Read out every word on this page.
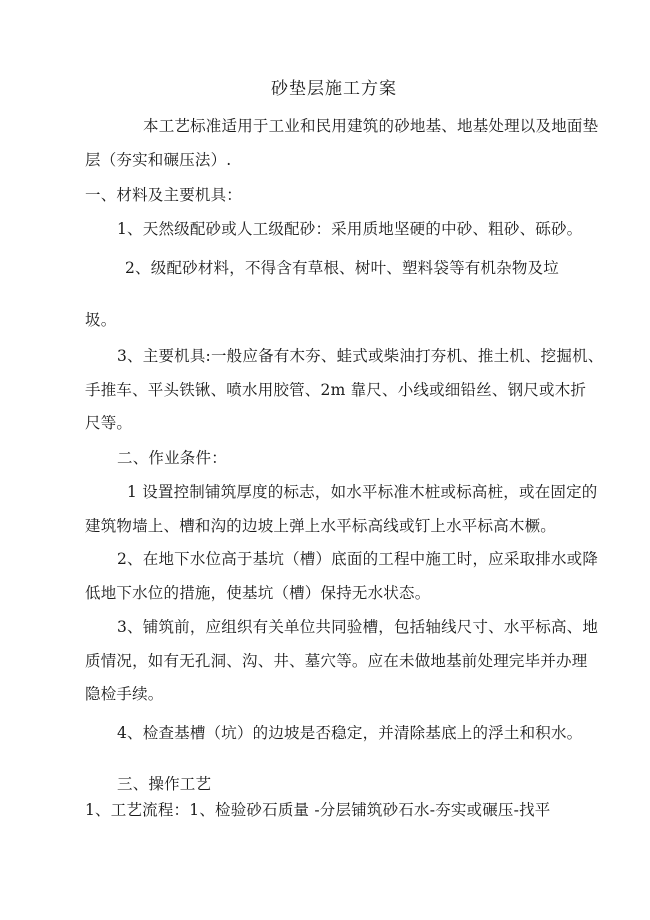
砂垫层施工方案
本工艺标准适用于工业和民用建筑的砂地基、地基处理以及地面垫
层（夯实和碾压法）.
一、材料及主要机具：
1、天然级配砂或人工级配砂：采用质地坚硬的中砂、粗砂、砾砂。
2、级配砂材料，不得含有草根、树叶、塑料袋等有机杂物及垃
圾。
3、主要机具:一般应备有木夯、蛙式或柴油打夯机、推土机、挖掘机、
手推车、平头铁锹、喷水用胶管、2m 靠尺、小线或细铅丝、钢尺或木折
尺等。
二、作业条件：
1 设置控制铺筑厚度的标志，如水平标准木桩或标高桩，或在固定的
建筑物墙上、槽和沟的边坡上弹上水平标高线或钉上水平标高木橛。
2、在地下水位高于基坑（槽）底面的工程中施工时，应采取排水或降
低地下水位的措施，使基坑（槽）保持无水状态。
3、铺筑前，应组织有关单位共同验槽，包括轴线尺寸、水平标高、地
质情况，如有无孔洞、沟、井、墓穴等。应在未做地基前处理完毕并办理
隐检手续。
4、检查基槽（坑）的边坡是否稳定，并清除基底上的浮土和积水。
三、操作工艺
1、工艺流程：1、检验砂石质量 -分层铺筑砂石水-夯实或碾压-找平
